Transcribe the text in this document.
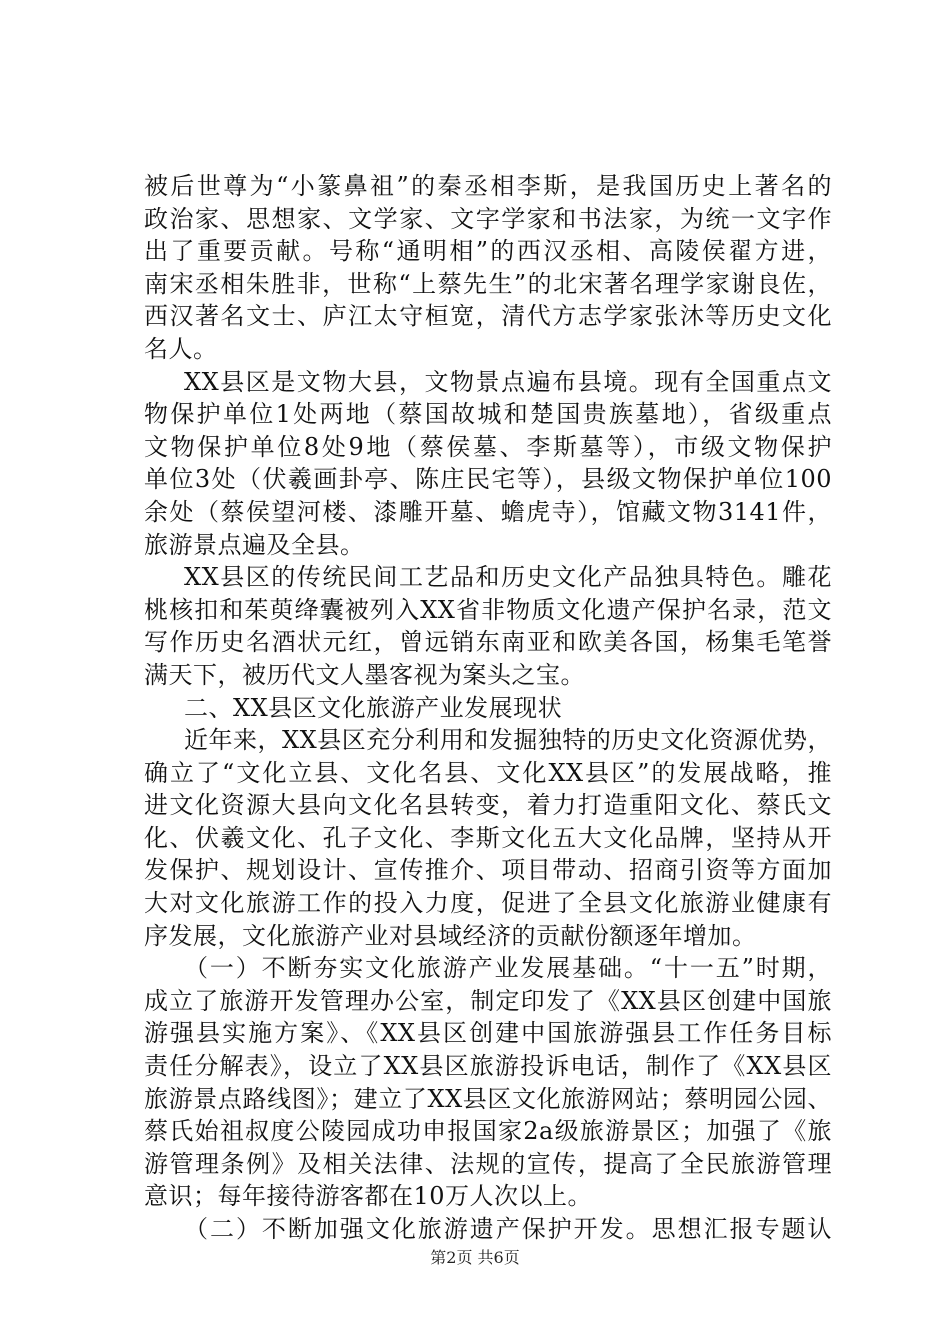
被后世尊为“小篆鼻祖”的秦丞相李斯，是我国历史上著名的
政治家、思想家、文学家、文字学家和书法家，为统一文字作
出了重要贡献。号称“通明相”的西汉丞相、高陵侯翟方进，
南宋丞相朱胜非，世称“上蔡先生”的北宋著名理学家谢良佐，
西汉著名文士、庐江太守桓宽，清代方志学家张沐等历史文化
名人。
XX县区是文物大县，文物景点遍布县境。现有全国重点文
物保护单位1处两地（蔡国故城和楚国贵族墓地），省级重点
文物保护单位8处9地（蔡侯墓、李斯墓等），市级文物保护
单位3处（伏羲画卦亭、陈庄民宅等），县级文物保护单位100
余处（蔡侯望河楼、漆雕开墓、蟾虎寺），馆藏文物3141件，
旅游景点遍及全县。
XX县区的传统民间工艺品和历史文化产品独具特色。雕花
桃核扣和茱萸绛囊被列入XX省非物质文化遗产保护名录，范文
写作历史名酒状元红，曾远销东南亚和欧美各国，杨集毛笔誉
满天下，被历代文人墨客视为案头之宝。
二、XX县区文化旅游产业发展现状
近年来，XX县区充分利用和发掘独特的历史文化资源优势，
确立了“文化立县、文化名县、文化XX县区”的发展战略，推
进文化资源大县向文化名县转变，着力打造重阳文化、蔡氏文
化、伏羲文化、孔子文化、李斯文化五大文化品牌，坚持从开
发保护、规划设计、宣传推介、项目带动、招商引资等方面加
大对文化旅游工作的投入力度，促进了全县文化旅游业健康有
序发展，文化旅游产业对县域经济的贡献份额逐年增加。
（一）不断夯实文化旅游产业发展基础。“十一五”时期，
成立了旅游开发管理办公室，制定印发了《XX县区创建中国旅
游强县实施方案》、《XX县区创建中国旅游强县工作任务目标
责任分解表》，设立了XX县区旅游投诉电话，制作了《XX县区
旅游景点路线图》；建立了XX县区文化旅游网站；蔡明园公园、
蔡氏始祖叔度公陵园成功申报国家2a级旅游景区；加强了《旅
游管理条例》及相关法律、法规的宣传，提高了全民旅游管理
意识；每年接待游客都在10万人次以上。
（二）不断加强文化旅游遗产保护开发。思想汇报专题认
第2页 共6页
